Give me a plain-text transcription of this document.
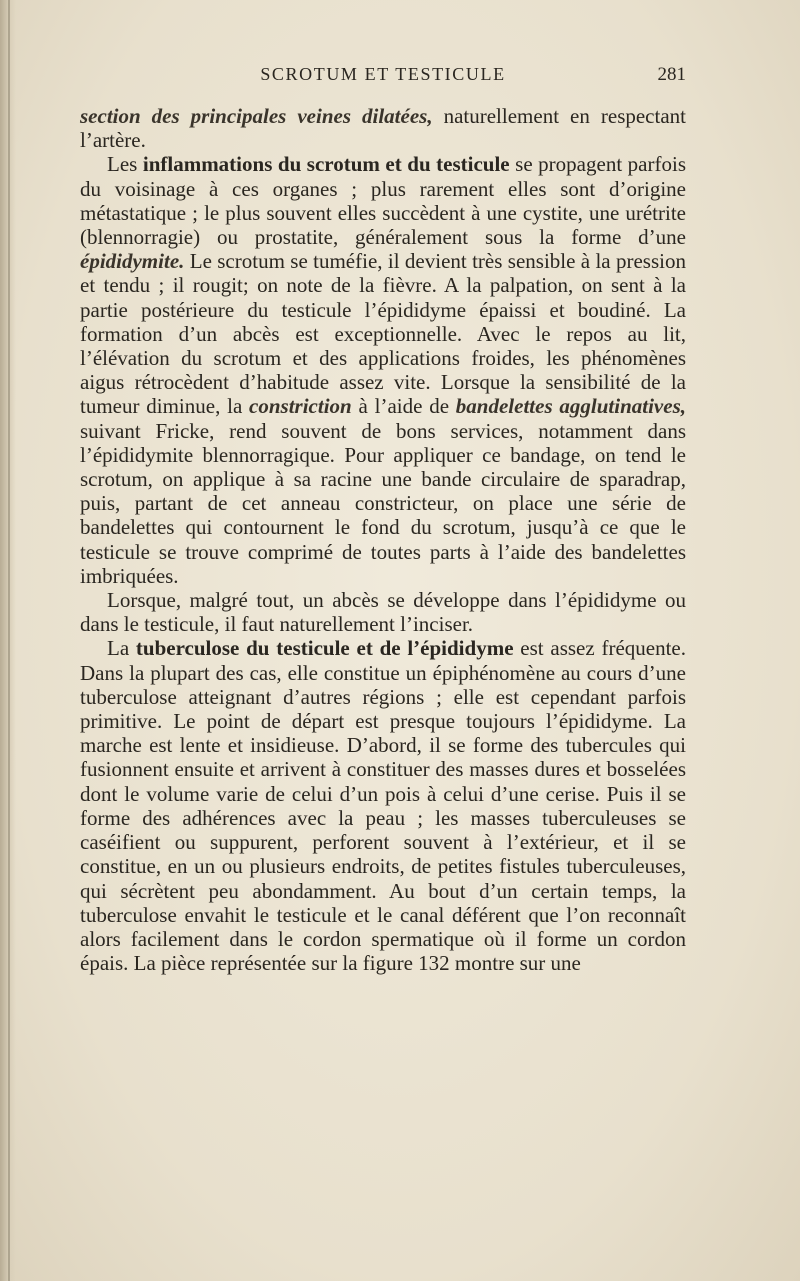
SCROTUM ET TESTICULE	281

section des principales veines dilatées, naturellement en respectant l’artère.

Les inflammations du scrotum et du testicule se propagent parfois du voisinage à ces organes ; plus rarement elles sont d’origine métastatique ; le plus souvent elles succèdent à une cystite, une urétrite (blennorragie) ou prostatite, généralement sous la forme d’une épididymite. Le scrotum se tuméfie, il devient très sensible à la pression et tendu ; il rougit; on note de la fièvre. A la palpation, on sent à la partie postérieure du testicule l’épididyme épaissi et boudiné. La formation d’un abcès est exceptionnelle. Avec le repos au lit, l’élévation du scrotum et des applications froides, les phénomènes aigus rétrocèdent d’habitude assez vite. Lorsque la sensibilité de la tumeur diminue, la constriction à l’aide de bandelettes agglutinatives, suivant Fricke, rend souvent de bons services, notamment dans l’épididymite blennorragique. Pour appliquer ce bandage, on tend le scrotum, on applique à sa racine une bande circulaire de sparadrap, puis, partant de cet anneau constricteur, on place une série de bandelettes qui contournent le fond du scrotum, jusqu’à ce que le testicule se trouve comprimé de toutes parts à l’aide des bandelettes imbriquées.

Lorsque, malgré tout, un abcès se développe dans l’épididyme ou dans le testicule, il faut naturellement l’inciser.

La tuberculose du testicule et de l’épididyme est assez fréquente. Dans la plupart des cas, elle constitue un épiphénomène au cours d’une tuberculose atteignant d’autres régions ; elle est cependant parfois primitive. Le point de départ est presque toujours l’épididyme. La marche est lente et insidieuse. D’abord, il se forme des tubercules qui fusionnent ensuite et arrivent à constituer des masses dures et bosselées dont le volume varie de celui d’un pois à celui d’une cerise. Puis il se forme des adhérences avec la peau ; les masses tuberculeuses se caséifient ou suppurent, perforent souvent à l’extérieur, et il se constitue, en un ou plusieurs endroits, de petites fistules tuberculeuses, qui sécrètent peu abondamment. Au bout d’un certain temps, la tuberculose envahit le testicule et le canal déférent que l’on reconnaît alors facilement dans le cordon spermatique où il forme un cordon épais. La pièce représentée sur la figure 132 montre sur une
